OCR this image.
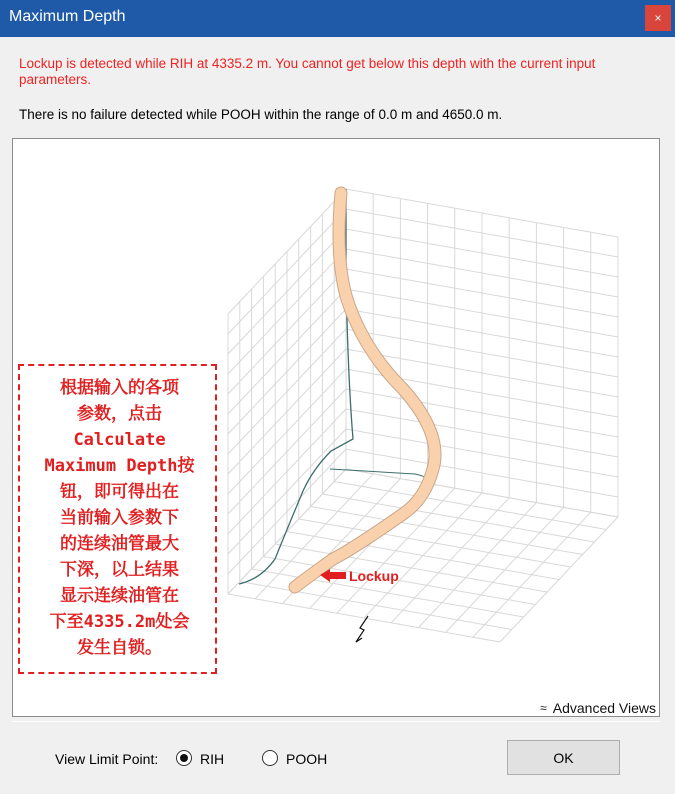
Maximum Depth	×
Lockup is detected while RIH at 4335.2 m. You cannot get below this depth with the current input parameters.
There is no failure detected while POOH within the range of 0.0 m and 4650.0 m.
Lockup
根据输入的各项
参数，点击
Calculate
Maximum Depth按
钮，即可得出在
当前输入参数下
的连续油管最大
下深，以上结果
显示连续油管在
下至4335.2m处会
发生自锁。
≈ Advanced Views
View Limit Point:	RIH	POOH	OK
